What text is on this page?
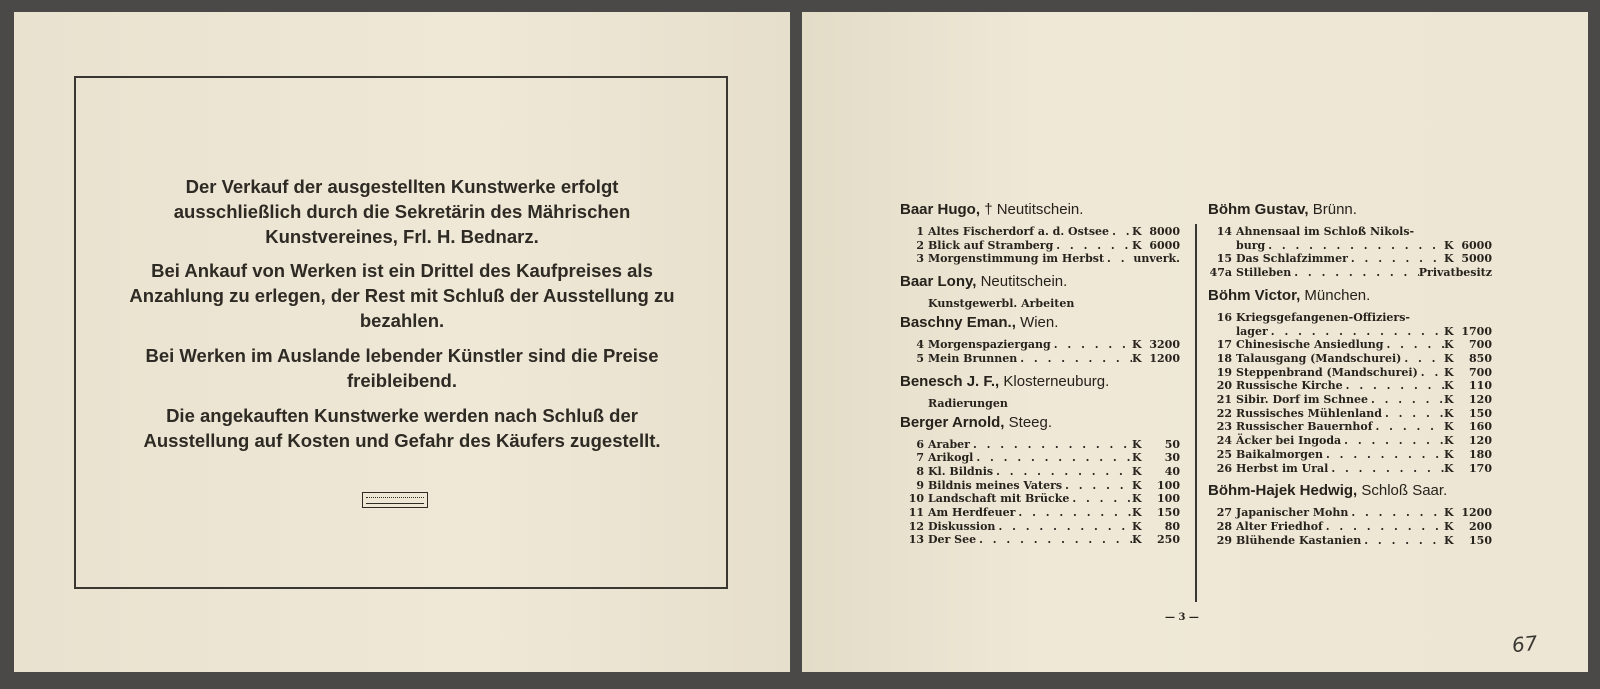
Der Verkauf der ausgestellten Kunstwerke erfolgt ausschließlich durch die Sekretärin des Mährischen Kunstvereines, Frl. H. Bednarz.

Bei Ankauf von Werken ist ein Drittel des Kaufpreises als Anzahlung zu erlegen, der Rest mit Schluß der Ausstellung zu bezahlen.

Bei Werken im Auslande lebender Künstler sind die Preise freibleibend.

Die angekauften Kunstwerke werden nach Schluß der Ausstellung auf Kosten und Gefahr des Käufers zugestellt.

Baar Hugo, † Neutitschein.
1 Altes Fischerdorf a. d. Ostsee . . . K 8000
2 Blick auf Stramberg . . .	K 6000
3 Morgenstimmung im Herbst . . .	unverk.
Baar Lony, Neutitschein.
Kunstgewerbl. Arbeiten
Baschny Eman., Wien.
4 Morgenspaziergang . . .	K 3200
5 Mein Brunnen . . .	K 1200
Benesch J. F., Klosterneuburg.
Radierungen
Berger Arnold, Steeg.
6 Araber . . .	K	50
7 Arikogl . . .	K	30
8 Kl. Bildnis . . .	K	40
9 Bildnis meines Vaters . . .	K	100
10 Landschaft mit Brücke . . .	K	100
11 Am Herdfeuer . . .	K	150
12 Diskussion . . .	K	80
13 Der See . . .	K	250
Böhm Gustav, Brünn.
14 Ahnensaal im Schloß Nikols-
burg . . .	K 6000
15 Das Schlafzimmer . . .	K 5000
47a Stilleben . . .	Privatbesitz
Böhm Victor, München.
16 Kriegsgefangenen-Offiziers-
lager . . .	K 1700
17 Chinesische Ansiedlung . . .	K	700
18 Talausgang (Mandschurei) . . .	K	850
19 Steppenbrand (Mandschurei) . . . K	700
20 Russische Kirche . . .	K	110
21 Sibir. Dorf im Schnee . . .	K	120
22 Russisches Mühlenland . . .	K	150
23 Russischer Bauernhof . . .	K	160
24 Äcker bei Ingoda . . .	K	120
25 Baikalmorgen . . .	K	180
26 Herbst im Ural . . .	K	170
Böhm-Hajek Hedwig, Schloß Saar.
27 Japanischer Mohn . . .	K 1200
28 Alter Friedhof . . .	K	200
29 Blühende Kastanien . . .	K	150
— 3 —
67
